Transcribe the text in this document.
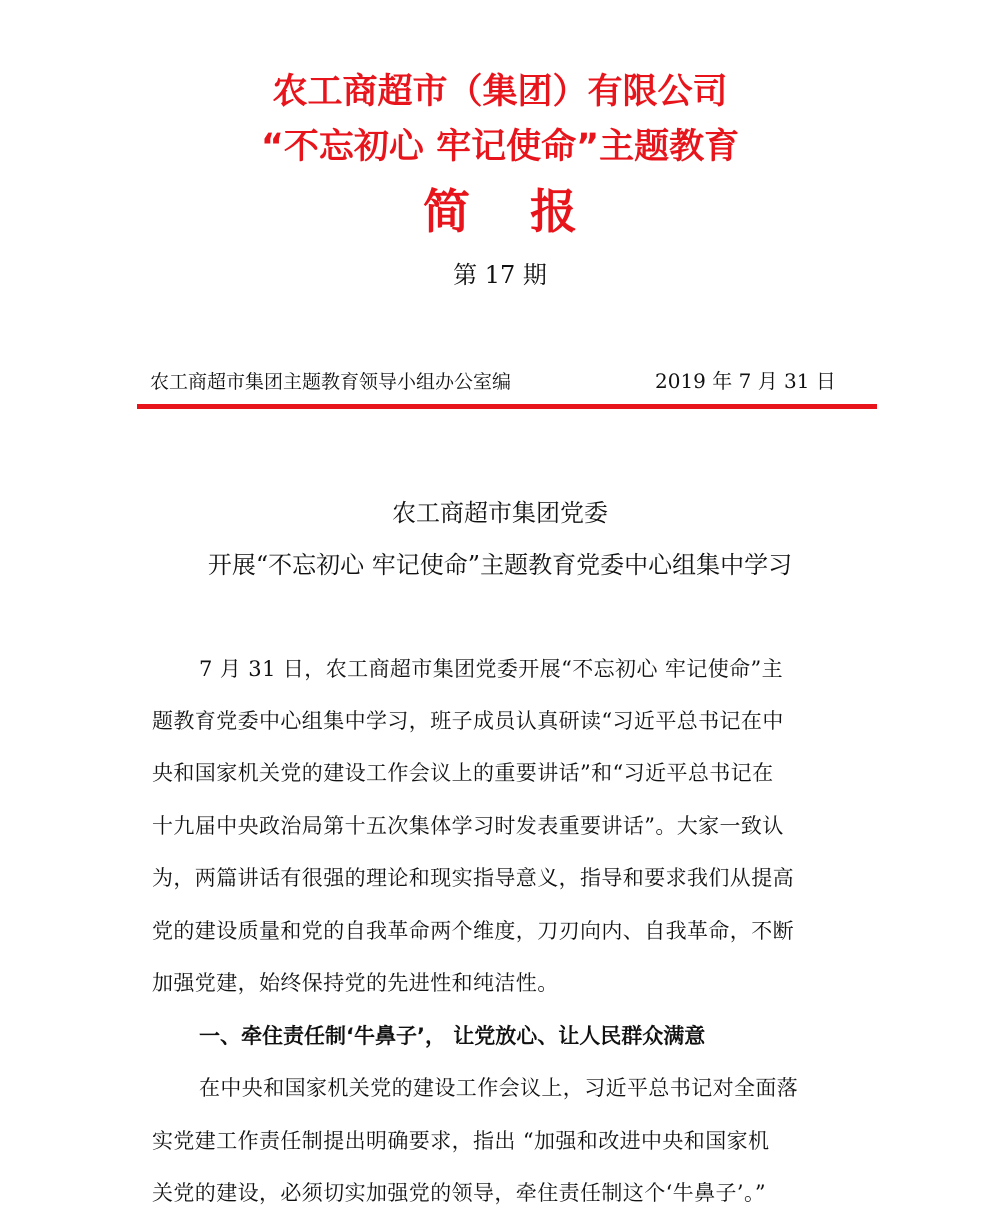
农工商超市（集团）有限公司
“不忘初心 牢记使命”主题教育
简报
第 17 期
农工商超市集团主题教育领导小组办公室编	2019 年 7 月 31 日
农工商超市集团党委
开展“不忘初心 牢记使命”主题教育党委中心组集中学习
7 月 31 日，农工商超市集团党委开展“不忘初心 牢记使命”主
题教育党委中心组集中学习，班子成员认真研读“习近平总书记在中
央和国家机关党的建设工作会议上的重要讲话”和“习近平总书记在
十九届中央政治局第十五次集体学习时发表重要讲话”。大家一致认
为，两篇讲话有很强的理论和现实指导意义，指导和要求我们从提高
党的建设质量和党的自我革命两个维度，刀刃向内、自我革命，不断
加强党建，始终保持党的先进性和纯洁性。
一、牵住责任制‘牛鼻子’， 让党放心、让人民群众满意
在中央和国家机关党的建设工作会议上，习近平总书记对全面落
实党建工作责任制提出明确要求，指出 “加强和改进中央和国家机
关党的建设，必须切实加强党的领导，牵住责任制这个‘牛鼻子’。”
